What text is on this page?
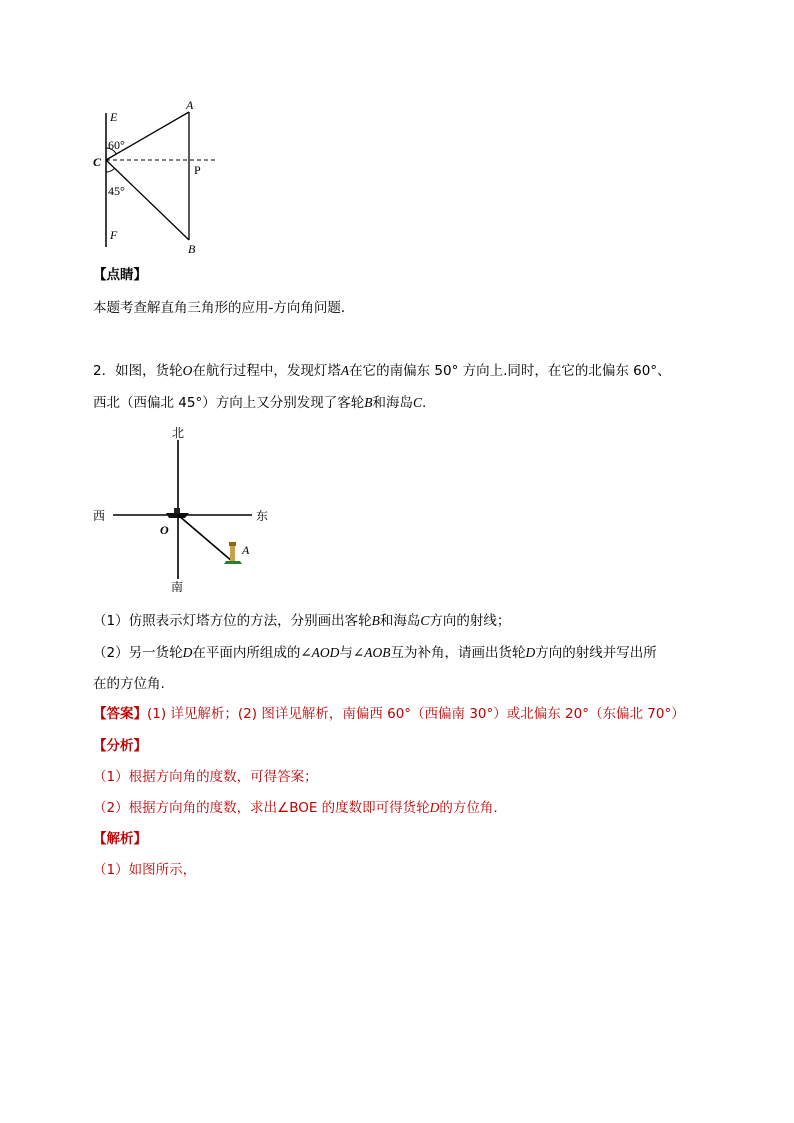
E
A
60°
C
P
45°
F
B
【点睛】
本题考查解直角三角形的应用-方向角问题．
2．如图，货轮O在航行过程中，发现灯塔A在它的南偏东 50° 方向上.同时，在它的北偏东 60°、
西北（西偏北 45°）方向上又分别发现了客轮B和海岛C.
北
西	东
南
O
A
（1）仿照表示灯塔方位的方法，分别画出客轮B和海岛C方向的射线；
（2）另一货轮D在平面内所组成的∠AOD与∠AOB互为补角，请画出货轮D方向的射线并写出所
在的方位角.
【答案】(1) 详见解析；(2) 图详见解析，南偏西 60°（西偏南 30°）或北偏东 20°（东偏北 70°）
【分析】
（1）根据方向角的度数，可得答案；
（2）根据方向角的度数，求出∠BOE 的度数即可得货轮D的方位角.
【解析】
（1）如图所示，
